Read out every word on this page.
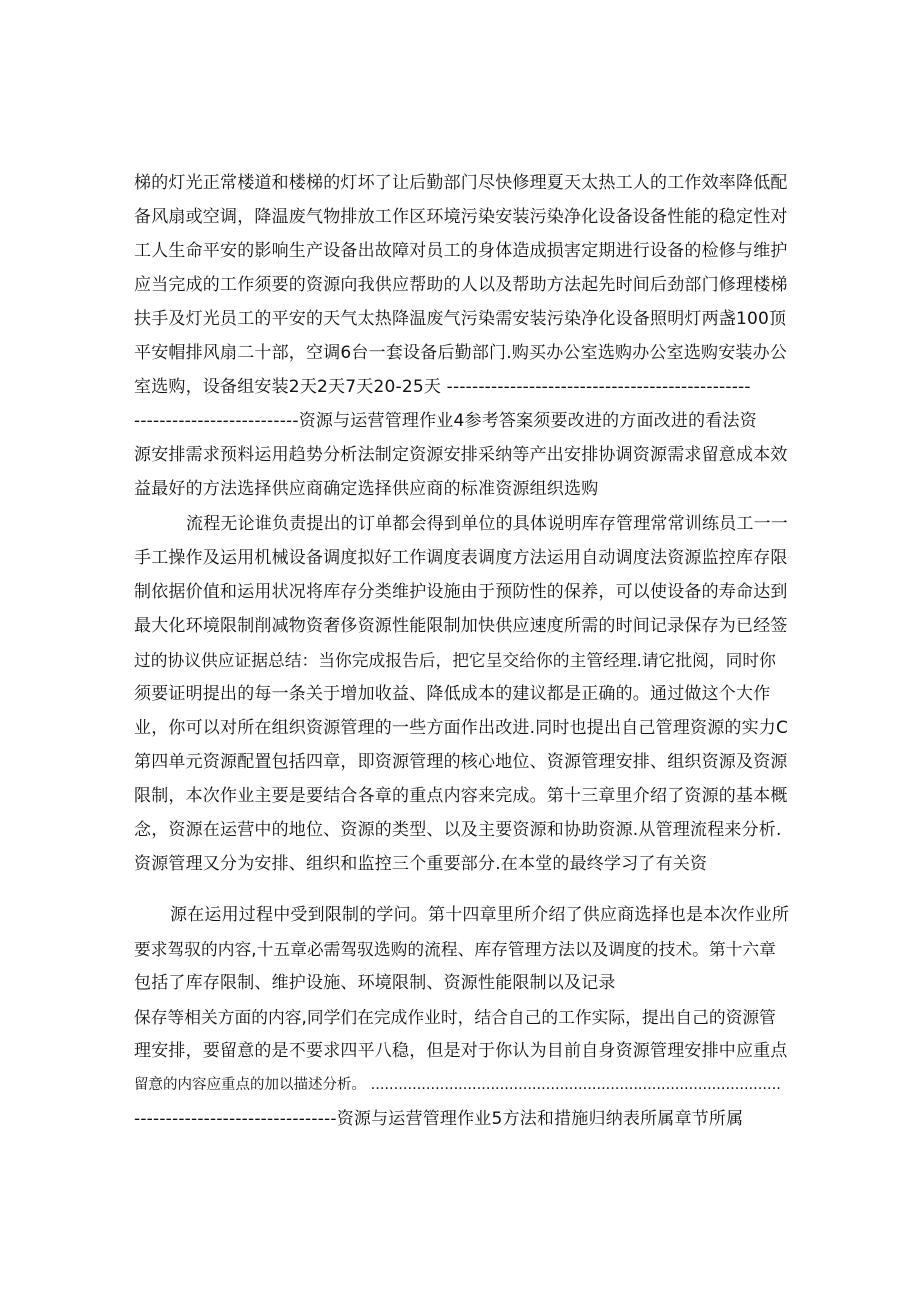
梯的灯光正常楼道和楼梯的灯坏了让后勤部门尽快修理夏天太热工人的工作效率降低配
备风扇或空调，降温废气物排放工作区环境污染安装污染净化设备设备性能的稳定性对
工人生命平安的影响生产设备出故障对员工的身体造成损害定期进行设备的检修与维护
应当完成的工作须要的资源向我供应帮助的人以及帮助方法起先时间后劲部门修理楼梯
扶手及灯光员工的平安的天气太热降温废气污染需安装污染净化设备照明灯两盏100顶
平安帽排风扇二十部，空调6台一套设备后勤部门.购买办公室选购办公室选购安装办公
室选购，设备组安装2天2天7天20-25天 ------------------------------------------------
--------------------------资源与运营管理作业4参考答案须要改进的方面改进的看法资
源安排需求预料运用趋势分析法制定资源安排采纳等产出安排协调资源需求留意成本效
益最好的方法选择供应商确定选择供应商的标准资源组织选购
流程无论谁负责提出的订单都会得到单位的具体说明库存管理常常训练员工一一
手工操作及运用机械设备调度拟好工作调度表调度方法运用自动调度法资源监控库存限
制依据价值和运用状况将库存分类维护设施由于预防性的保养，可以使设备的寿命达到
最大化环境限制削减物资奢侈资源性能限制加快供应速度所需的时间记录保存为已经签
过的协议供应证据总结：当你完成报告后，把它呈交给你的主管经理.请它批阅，同时你
须要证明提出的每一条关于增加收益、降低成本的建议都是正确的。通过做这个大作
业，你可以对所在组织资源管理的一些方面作出改进.同时也提出自己管理资源的实力C
第四单元资源配置包括四章，即资源管理的核心地位、资源管理安排、组织资源及资源
限制，本次作业主要是要结合各章的重点内容来完成。第十三章里介绍了资源的基本概
念，资源在运营中的地位、资源的类型、以及主要资源和协助资源.从管理流程来分析.
资源管理又分为安排、组织和监控三个重要部分.在本堂的最终学习了有关资
源在运用过程中受到限制的学问。第十四章里所介绍了供应商选择也是本次作业所
要求驾驭的内容,十五章必需驾驭选购的流程、库存管理方法以及调度的技术。第十六章
包括了库存限制、维护设施、环境限制、资源性能限制以及记录
保存等相关方面的内容,同学们在完成作业时，结合自己的工作实际，提出自己的资源管
理安排，要留意的是不要求四平八稳，但是对于你认为目前自身资源管理安排中应重点
留意的内容应重点的加以描述分析。 .........................................................................................
--------------------------------资源与运营管理作业5方法和措施归纳表所属章节所属
